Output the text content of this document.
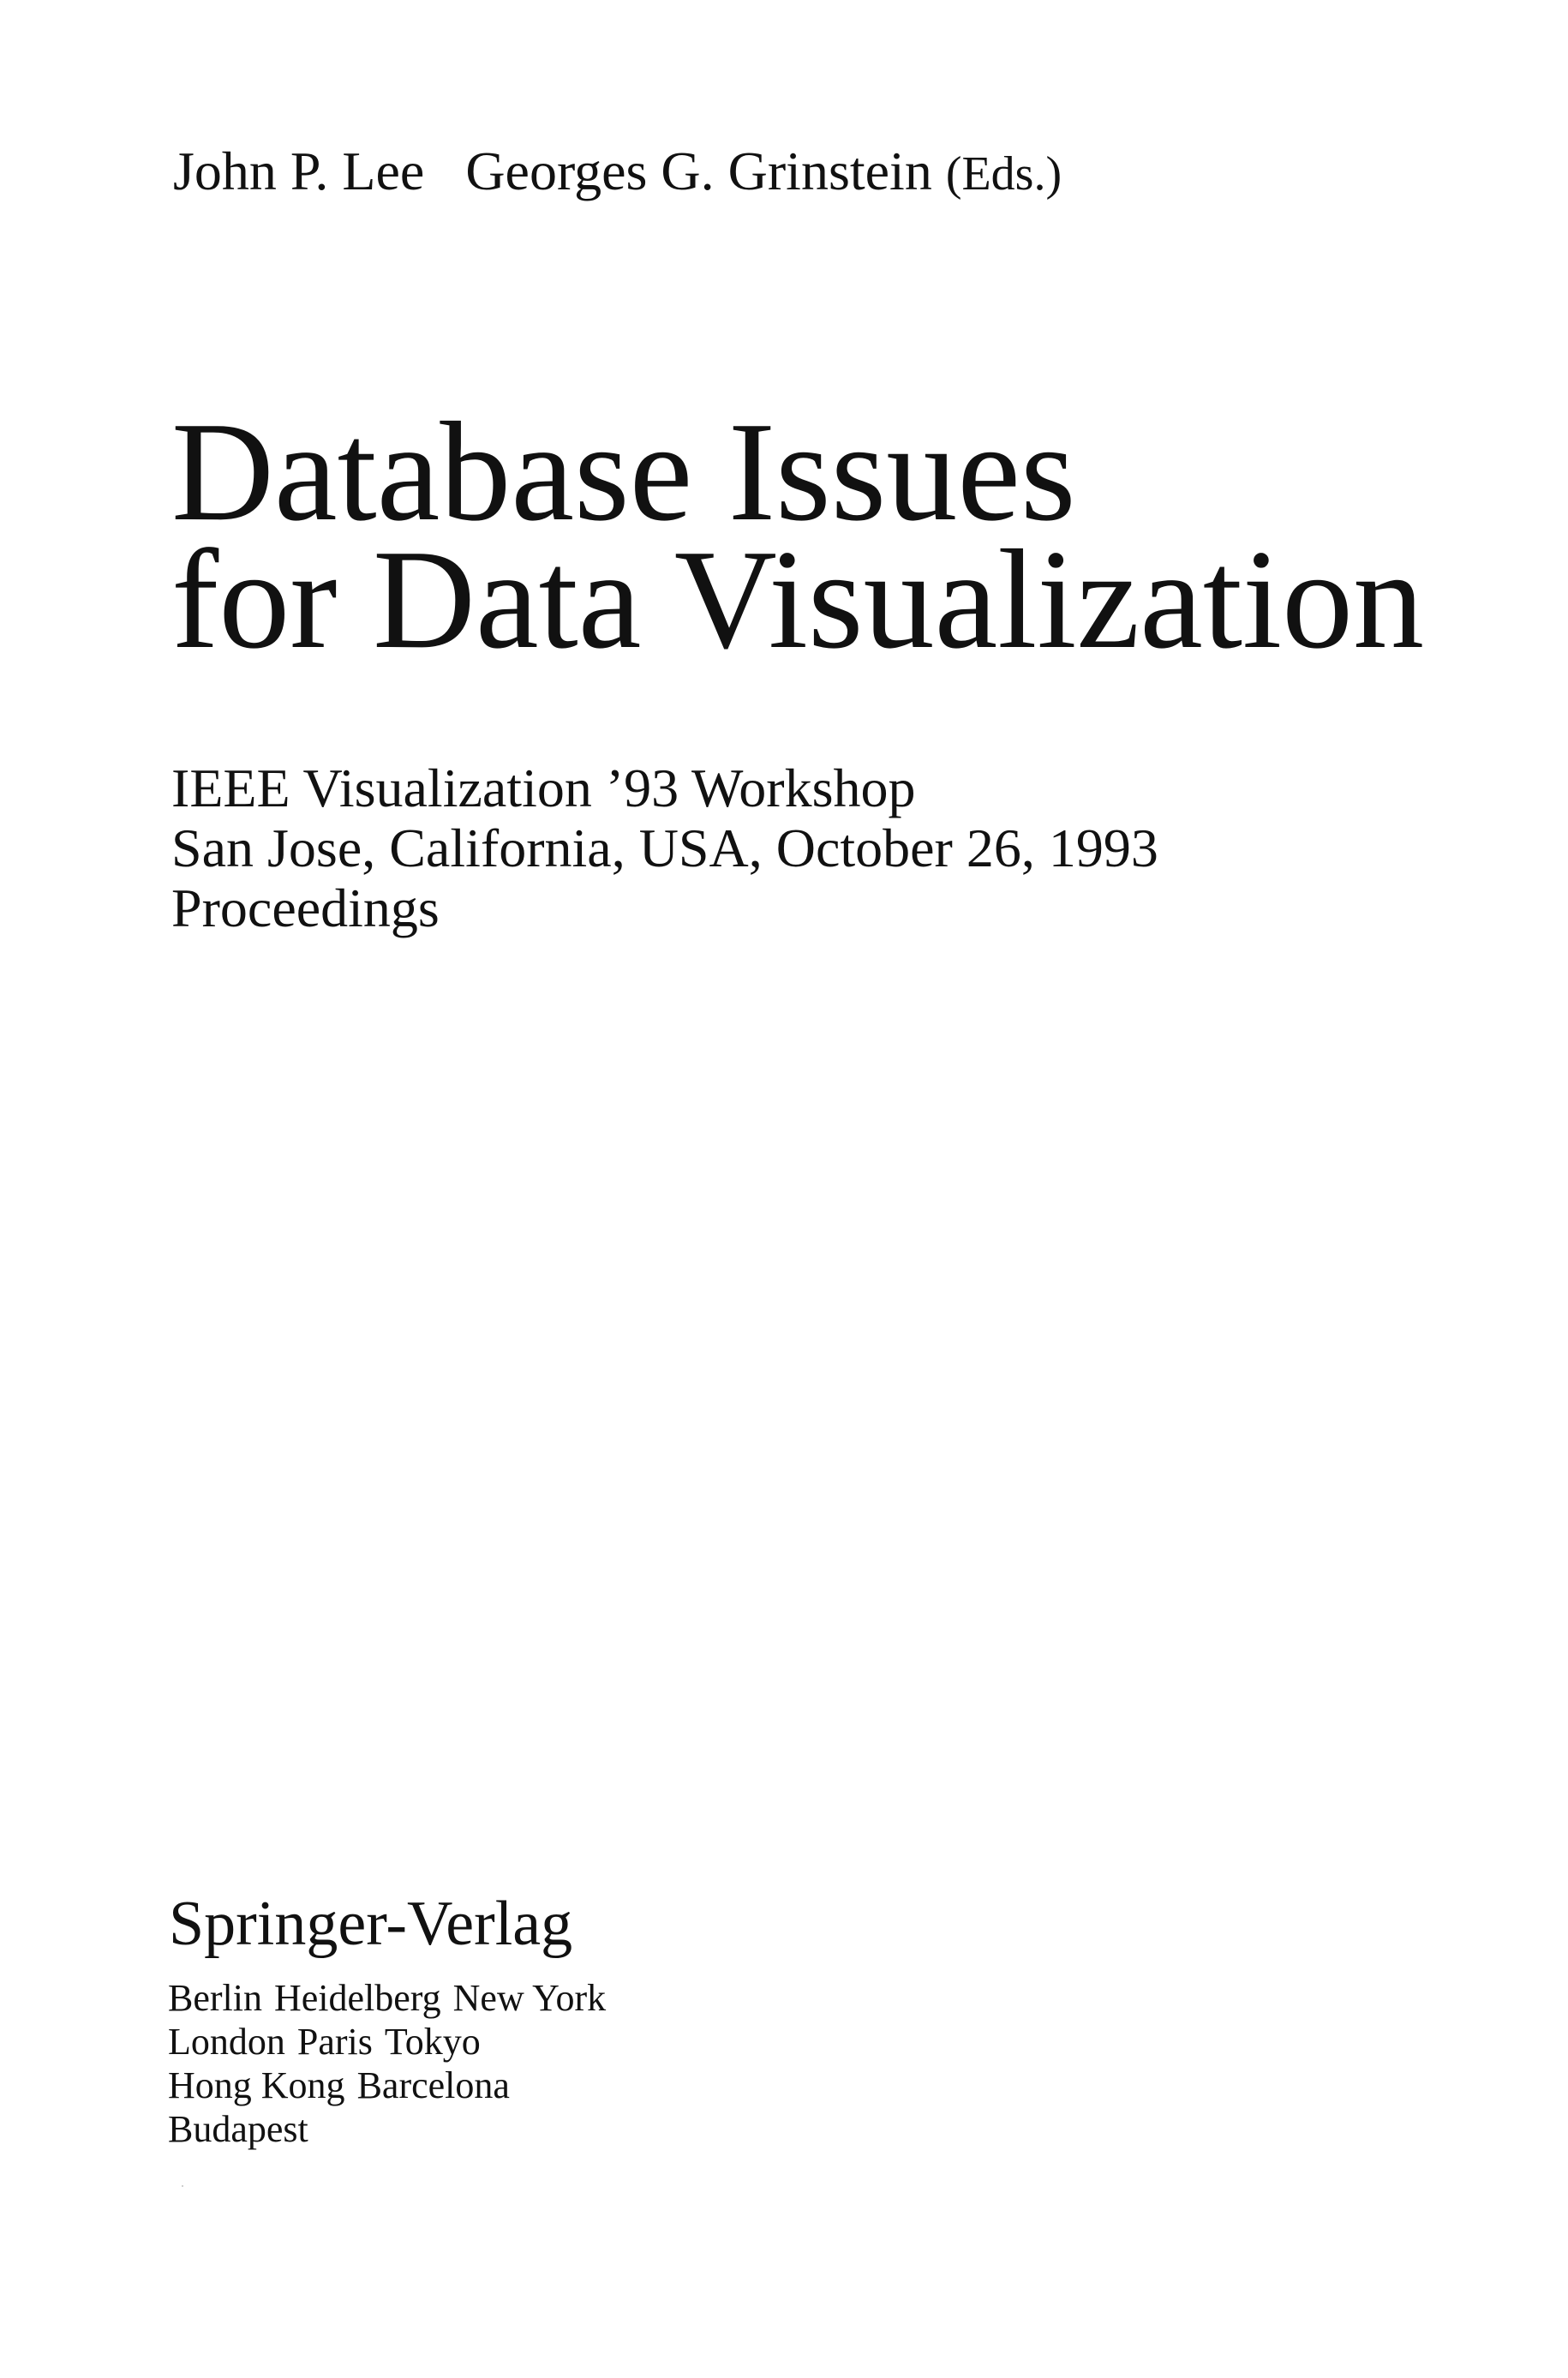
John P. Lee Georges G. Grinstein (Eds.)
Database Issues
for Data Visualization
IEEE Visualization ’93 Workshop
San Jose, California, USA, October 26, 1993
Proceedings
Springer-Verlag
Berlin Heidelberg New York
London Paris Tokyo
Hong Kong Barcelona
Budapest
